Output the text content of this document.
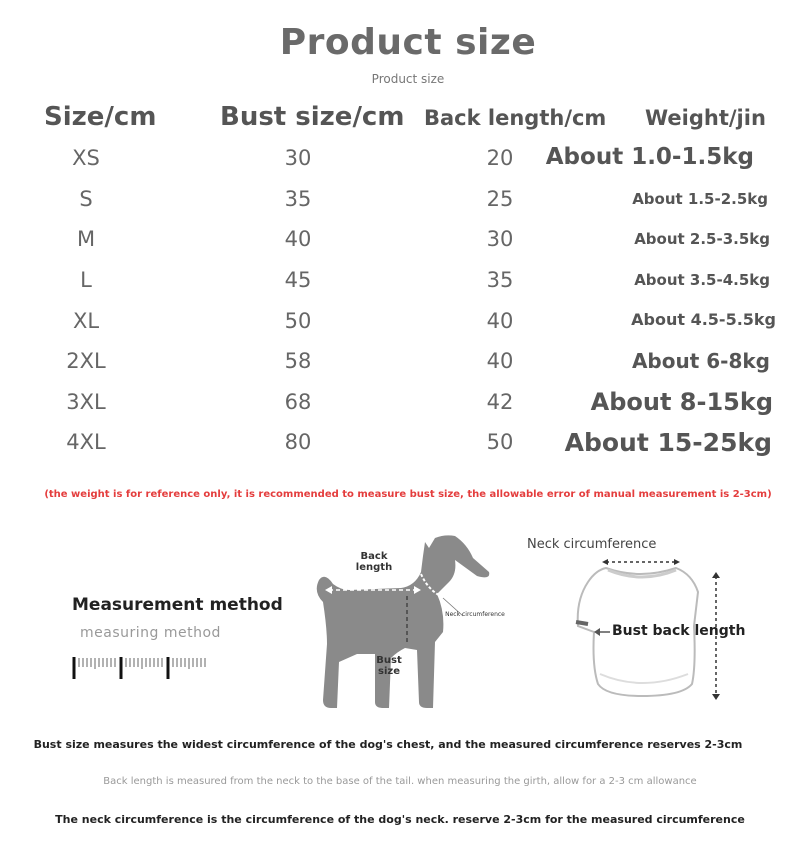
Product size
Product size
Size/cm Bust size/cm Back length/cm Weight/jin
XS	30	20	About 1.0-1.5kg
S	35	25	About 1.5-2.5kg
M	40	30	About 2.5-3.5kg
L	45	35	About 3.5-4.5kg
XL	50	40	About 4.5-5.5kg
2XL	58	40	About 6-8kg
3XL	68	42	About 8-15kg
4XL	80	50	About 15-25kg
(the weight is for reference only, it is recommended to measure bust size, the allowable error of manual measurement is 2-3cm)
Measurement method
measuring method
Back length
Neck circumference
Bust size
Neck circumference
Bust back length
Bust size measures the widest circumference of the dog's chest, and the measured circumference reserves 2-3cm
Back length is measured from the neck to the base of the tail. when measuring the girth, allow for a 2-3 cm allowance
The neck circumference is the circumference of the dog's neck. reserve 2-3cm for the measured circumference
